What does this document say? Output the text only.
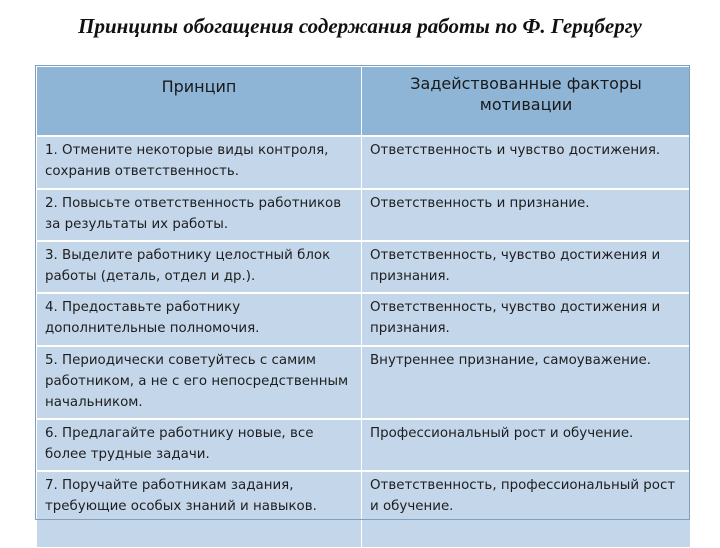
Принципы обогащения содержания работы по Ф. Герцбергу
Принцип	Задействованные факторы мотивации
1. Отмените некоторые виды контроля, сохранив ответственность.	Ответственность и чувство достижения.
2. Повысьте ответственность работников за результаты их работы.	Ответственность и признание.
3. Выделите работнику целостный блок работы (деталь, отдел и др.).	Ответственность, чувство достижения и признания.
4. Предоставьте работнику дополнительные полномочия.	Ответственность, чувство достижения и признания.
5. Периодически советуйтесь с самим работником, а не с его непосредственным начальником.	Внутреннее признание, самоуважение.
6. Предлагайте работнику новые, все более трудные задачи.	Профессиональный рост и обучение.
7. Поручайте работникам задания, требующие особых знаний и навыков.	Ответственность, профессиональный рост и обучение.
